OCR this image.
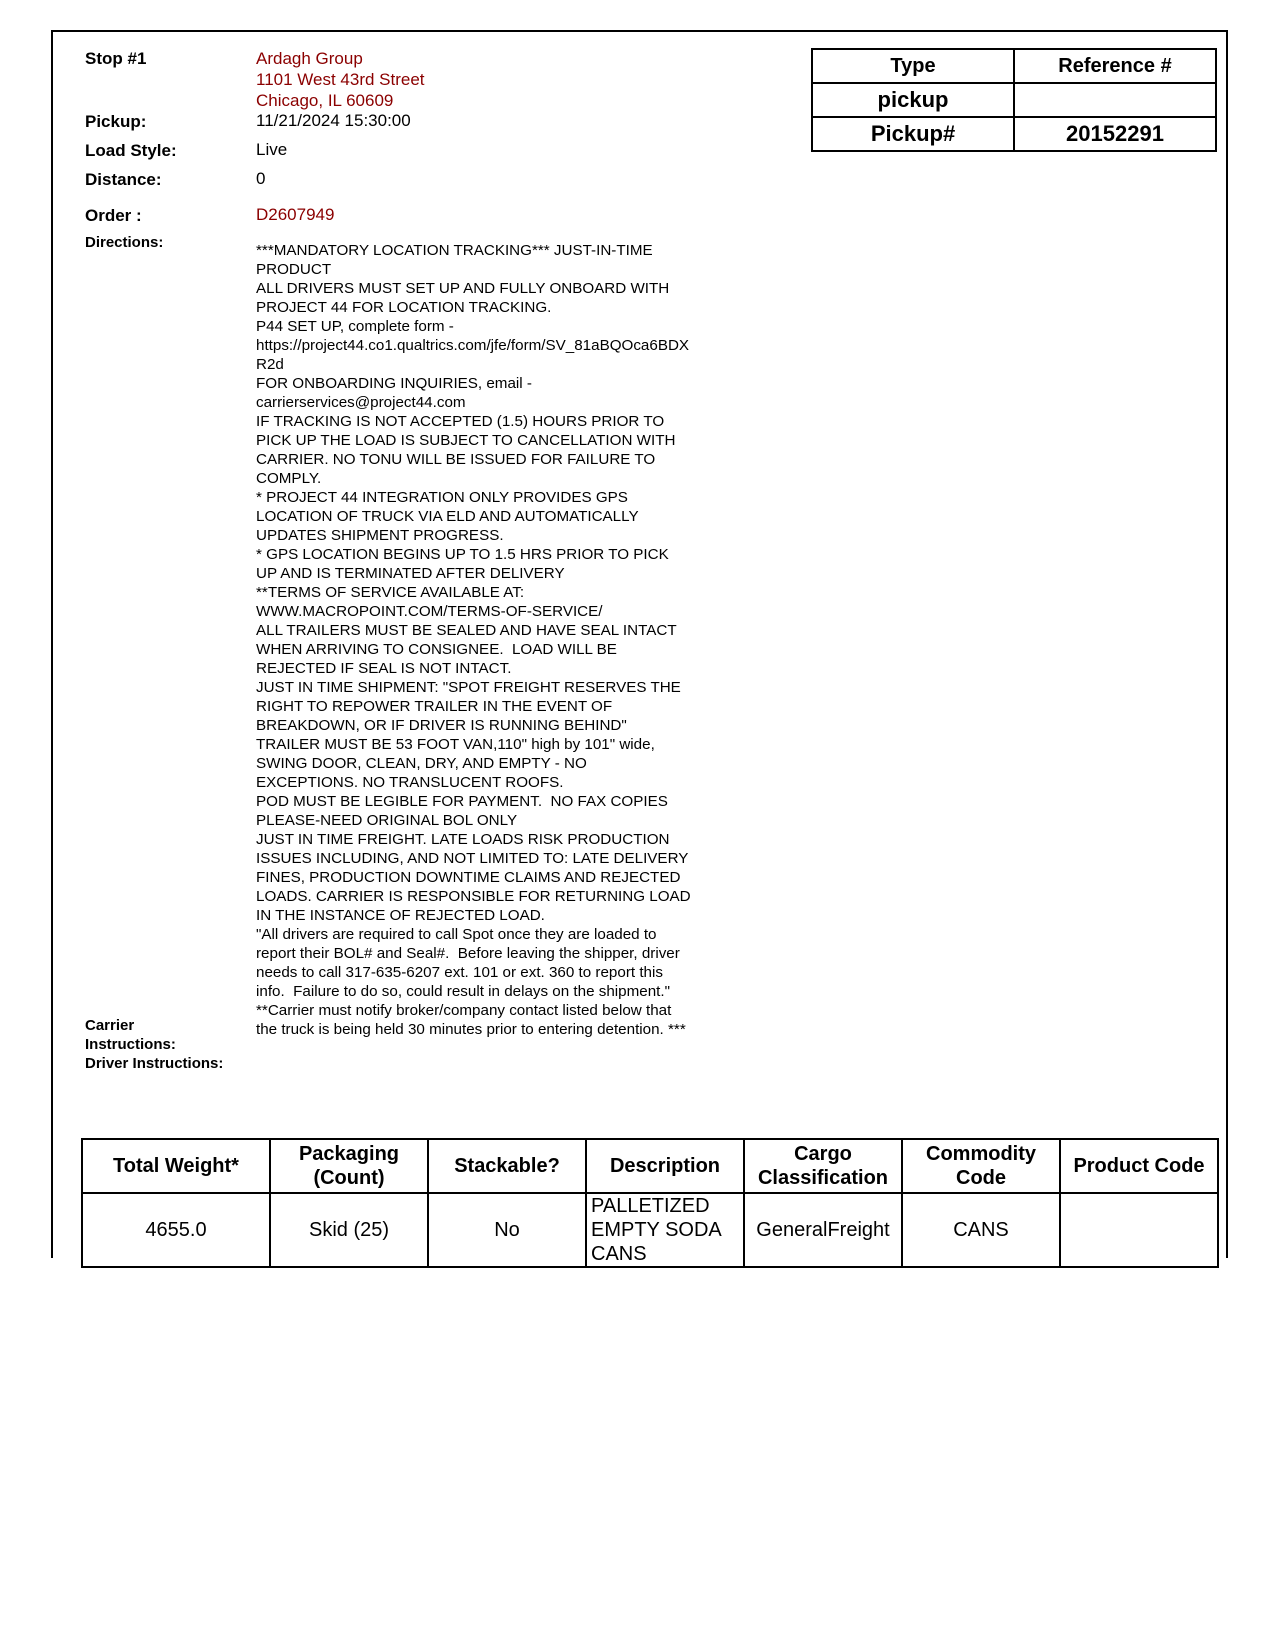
Stop #1	Ardagh Group
1101 West 43rd Street
Chicago, IL 60609
Pickup:	11/21/2024 15:30:00
Load Style:	Live
Distance:	0
Order :	D2607949
Directions:	***MANDATORY LOCATION TRACKING*** JUST-IN-TIME
PRODUCT
ALL DRIVERS MUST SET UP AND FULLY ONBOARD WITH
PROJECT 44 FOR LOCATION TRACKING.
P44 SET UP, complete form -
https://project44.co1.qualtrics.com/jfe/form/SV_81aBQOca6BDX
R2d
FOR ONBOARDING INQUIRIES, email -
carrierservices@project44.com
IF TRACKING IS NOT ACCEPTED (1.5) HOURS PRIOR TO
PICK UP THE LOAD IS SUBJECT TO CANCELLATION WITH
CARRIER. NO TONU WILL BE ISSUED FOR FAILURE TO
COMPLY.
* PROJECT 44 INTEGRATION ONLY PROVIDES GPS
LOCATION OF TRUCK VIA ELD AND AUTOMATICALLY
UPDATES SHIPMENT PROGRESS.
* GPS LOCATION BEGINS UP TO 1.5 HRS PRIOR TO PICK
UP AND IS TERMINATED AFTER DELIVERY
**TERMS OF SERVICE AVAILABLE AT:
WWW.MACROPOINT.COM/TERMS-OF-SERVICE/
ALL TRAILERS MUST BE SEALED AND HAVE SEAL INTACT
WHEN ARRIVING TO CONSIGNEE.  LOAD WILL BE
REJECTED IF SEAL IS NOT INTACT.
JUST IN TIME SHIPMENT: "SPOT FREIGHT RESERVES THE
RIGHT TO REPOWER TRAILER IN THE EVENT OF
BREAKDOWN, OR IF DRIVER IS RUNNING BEHIND"
TRAILER MUST BE 53 FOOT VAN,110" high by 101" wide,
SWING DOOR, CLEAN, DRY, AND EMPTY - NO
EXCEPTIONS. NO TRANSLUCENT ROOFS.
POD MUST BE LEGIBLE FOR PAYMENT.  NO FAX COPIES
PLEASE-NEED ORIGINAL BOL ONLY
JUST IN TIME FREIGHT. LATE LOADS RISK PRODUCTION
ISSUES INCLUDING, AND NOT LIMITED TO: LATE DELIVERY
FINES, PRODUCTION DOWNTIME CLAIMS AND REJECTED
LOADS. CARRIER IS RESPONSIBLE FOR RETURNING LOAD
IN THE INSTANCE OF REJECTED LOAD.
"All drivers are required to call Spot once they are loaded to
report their BOL# and Seal#.  Before leaving the shipper, driver
needs to call 317-635-6207 ext. 101 or ext. 360 to report this
info.  Failure to do so, could result in delays on the shipment."
**Carrier must notify broker/company contact listed below that
the truck is being held 30 minutes prior to entering detention. ***
Carrier
Instructions:
Driver Instructions:
Type	Reference #
pickup	
Pickup#	20152291
Total Weight*	Packaging (Count)	Stackable?	Description	Cargo Classification	Commodity Code	Product Code
4655.0	Skid (25)	No	PALLETIZED EMPTY SODA CANS	GeneralFreight	CANS	
